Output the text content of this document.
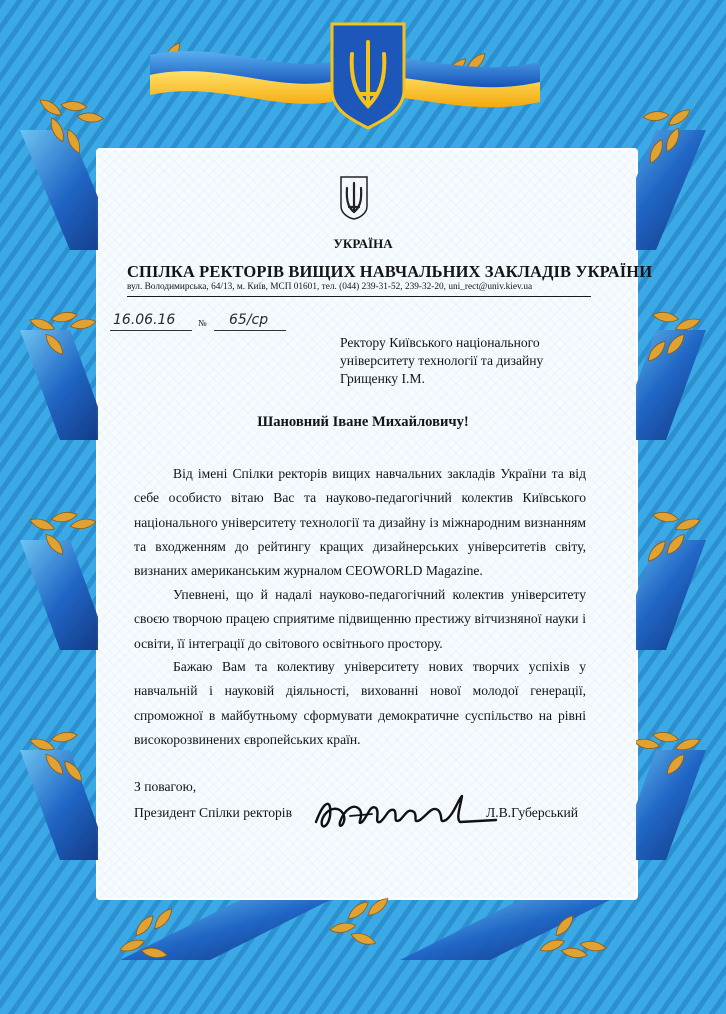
УКРАЇНА
СПІЛКА РЕКТОРІВ ВИЩИХ НАВЧАЛЬНИХ ЗАКЛАДІВ УКРАЇНИ
вул. Володимирська, 64/13, м. Київ, МСП 01601, тел. (044) 239-31-52, 239-32-20, uni_rect@univ.kiev.ua
16.06.16	№ 65/cp
Ректору Київського національного
університету технології та дизайну
Грищенку І.М.
Шановний Іване Михайловичу!
Від імені Спілки ректорів вищих навчальних закладів України та від себе особисто вітаю Вас та науково-педагогічний колектив Київського національного університету технології та дизайну із міжнародним визнанням та входженням до рейтингу кращих дизайнерських університетів світу, визнаних американським журналом CEOWORLD Magazine.
Упевнені, що й надалі науково-педагогічний колектив університету своєю творчою працею сприятиме підвищенню престижу вітчизняної науки і освіти, її інтеграції до світового освітнього простору.
Бажаю Вам та колективу університету нових творчих успіхів у навчальній і науковій діяльності, вихованні нової молодої генерації, спроможної в майбутньому сформувати демократичне суспільство на рівні високорозвинених європейських країн.
З повагою,
Президент Спілки ректорів	Л.В.Губерський
